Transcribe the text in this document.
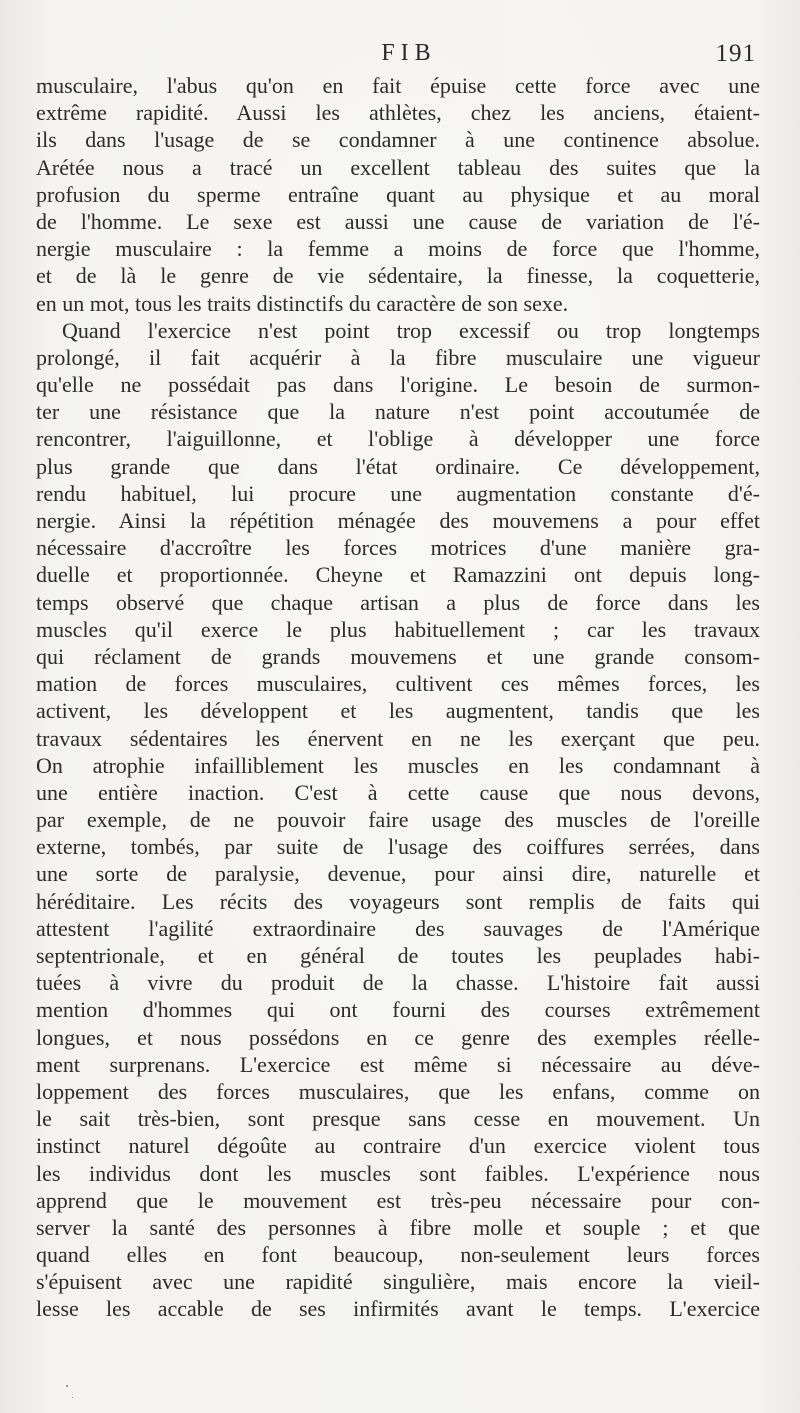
FIB	191
musculaire, l'abus qu'on en fait épuise cette force avec une
extrême rapidité. Aussi les athlètes, chez les anciens, étaient-
ils dans l'usage de se condamner à une continence absolue.
Arétée nous a tracé un excellent tableau des suites que la
profusion du sperme entraîne quant au physique et au moral
de l'homme. Le sexe est aussi une cause de variation de l'é-
nergie musculaire : la femme a moins de force que l'homme,
et de là le genre de vie sédentaire, la finesse, la coquetterie,
en un mot, tous les traits distinctifs du caractère de son sexe.
Quand l'exercice n'est point trop excessif ou trop longtemps
prolongé, il fait acquérir à la fibre musculaire une vigueur
qu'elle ne possédait pas dans l'origine. Le besoin de surmon-
ter une résistance que la nature n'est point accoutumée de
rencontrer, l'aiguillonne, et l'oblige à développer une force
plus grande que dans l'état ordinaire. Ce développement,
rendu habituel, lui procure une augmentation constante d'é-
nergie. Ainsi la répétition ménagée des mouvemens a pour effet
nécessaire d'accroître les forces motrices d'une manière gra-
duelle et proportionnée. Cheyne et Ramazzini ont depuis long-
temps observé que chaque artisan a plus de force dans les
muscles qu'il exerce le plus habituellement ; car les travaux
qui réclament de grands mouvemens et une grande consom-
mation de forces musculaires, cultivent ces mêmes forces, les
activent, les développent et les augmentent, tandis que les
travaux sédentaires les énervent en ne les exerçant que peu.
On atrophie infailliblement les muscles en les condamnant à
une entière inaction. C'est à cette cause que nous devons,
par exemple, de ne pouvoir faire usage des muscles de l'oreille
externe, tombés, par suite de l'usage des coiffures serrées, dans
une sorte de paralysie, devenue, pour ainsi dire, naturelle et
héréditaire. Les récits des voyageurs sont remplis de faits qui
attestent l'agilité extraordinaire des sauvages de l'Amérique
septentrionale, et en général de toutes les peuplades habi-
tuées à vivre du produit de la chasse. L'histoire fait aussi
mention d'hommes qui ont fourni des courses extrêmement
longues, et nous possédons en ce genre des exemples réelle-
ment surprenans. L'exercice est même si nécessaire au déve-
loppement des forces musculaires, que les enfans, comme on
le sait très-bien, sont presque sans cesse en mouvement. Un
instinct naturel dégoûte au contraire d'un exercice violent tous
les individus dont les muscles sont faibles. L'expérience nous
apprend que le mouvement est très-peu nécessaire pour con-
server la santé des personnes à fibre molle et souple ; et que
quand elles en font beaucoup, non-seulement leurs forces
s'épuisent avec une rapidité singulière, mais encore la vieil-
lesse les accable de ses infirmités avant le temps. L'exercice
